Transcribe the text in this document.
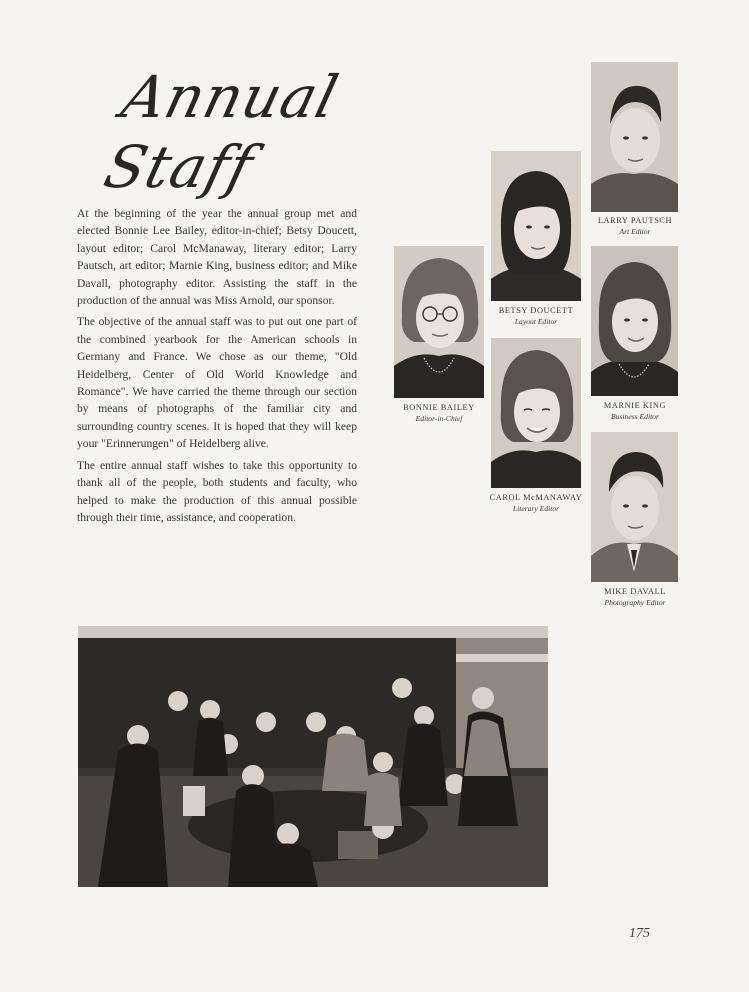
Annual Staff

At the beginning of the year the annual group met and elected Bonnie Lee Bailey, editor-in-chief; Betsy Doucett, layout editor; Carol McManaway, literary editor; Larry Pautsch, art editor; Marnie King, business editor; and Mike Davall, photography editor. Assisting the staff in the production of the annual was Miss Arnold, our sponsor.

The objective of the annual staff was to put out one part of the combined yearbook for the American schools in Germany and France. We chose as our theme, "Old Heidelberg, Center of Old World Knowledge and Romance". We have carried the theme through our section by means of photographs of the familiar city and surrounding country scenes. It is hoped that they will keep your "Erinnerungen" of Heidelberg alive.

The entire annual staff wishes to take this opportunity to thank all of the people, both students and faculty, who helped to make the production of this annual possible through their time, assistance, and cooperation.

LARRY PAUTSCH
Art Editor
BETSY DOUCETT
Layout Editor
BONNIE BAILEY
Editor-in-Chief
MARNIE KING
Business Editor
CAROL McMANAWAY
Literary Editor
MIKE DAVALL
Photography Editor
175
